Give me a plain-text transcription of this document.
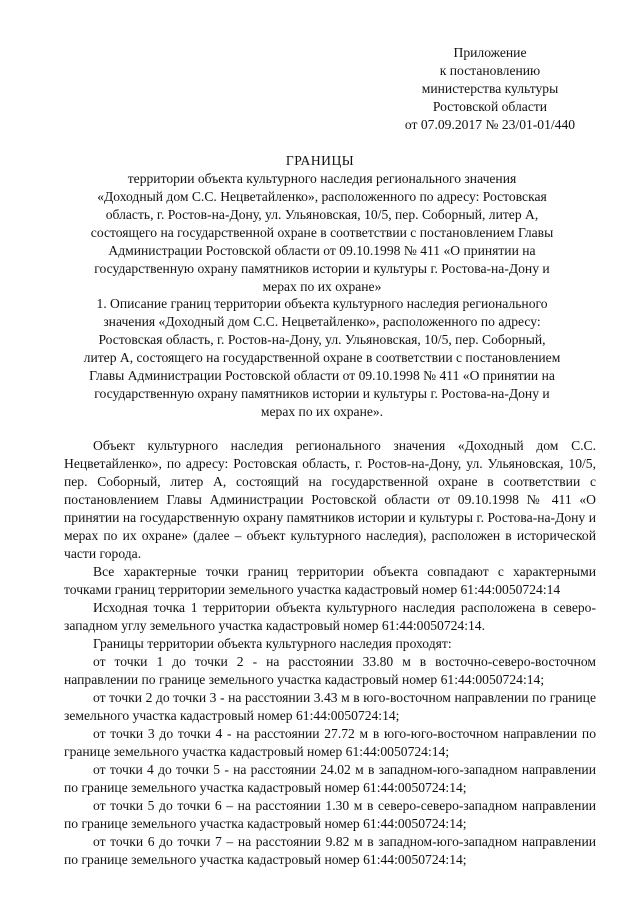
Приложение
к постановлению
министерства культуры
Ростовской области
от 07.09.2017 № 23/01-01/440
ГРАНИЦЫ
территории объекта культурного наследия регионального значения
«Доходный дом С.С. Нецветайленко», расположенного по адресу: Ростовская
область, г. Ростов-на-Дону, ул. Ульяновская, 10/5, пер. Соборный, литер А,
состоящего на государственной охране в соответствии с постановлением Главы
Администрации Ростовской области от 09.10.1998 № 411 «О принятии на
государственную охрану памятников истории и культуры г. Ростова-на-Дону и
мерах по их охране»
1. Описание границ территории объекта культурного наследия регионального
значения «Доходный дом С.С. Нецветайленко», расположенного по адресу:
Ростовская область, г. Ростов-на-Дону, ул. Ульяновская, 10/5, пер. Соборный,
литер А, состоящего на государственной охране в соответствии с постановлением
Главы Администрации Ростовской области от 09.10.1998 № 411 «О принятии на
государственную охрану памятников истории и культуры г. Ростова-на-Дону и
мерах по их охране».

Объект культурного наследия регионального значения «Доходный дом С.С. Нецветайленко», по адресу: Ростовская область, г. Ростов-на-Дону, ул. Ульяновская, 10/5, пер. Соборный, литер А, состоящий на государственной охране в соответствии с постановлением Главы Администрации Ростовской области от 09.10.1998 № 411 «О принятии на государственную охрану памятников истории и культуры г. Ростова-на-Дону и мерах по их охране» (далее – объект культурного наследия), расположен в исторической части города.

Все характерные точки границ территории объекта совпадают с характерными точками границ территории земельного участка кадастровый номер 61:44:0050724:14

Исходная точка 1 территории объекта культурного наследия расположена в северо-западном углу земельного участка кадастровый номер 61:44:0050724:14.

Границы территории объекта культурного наследия проходят:

от точки 1 до точки 2 - на расстоянии 33.80 м в восточно-северо-восточном направлении по границе земельного участка кадастровый номер 61:44:0050724:14;

от точки 2 до точки 3 - на расстоянии 3.43 м в юго-восточном направлении по границе земельного участка кадастровый номер 61:44:0050724:14;

от точки 3 до точки 4 - на расстоянии 27.72 м в юго-юго-восточном направлении по границе земельного участка кадастровый номер 61:44:0050724:14;

от точки 4 до точки 5 - на расстоянии 24.02 м в западном-юго-западном направлении по границе земельного участка кадастровый номер 61:44:0050724:14;

от точки 5 до точки 6 – на расстоянии 1.30 м в северо-северо-западном направлении по границе земельного участка кадастровый номер 61:44:0050724:14;

от точки 6 до точки 7 – на расстоянии 9.82 м в западном-юго-западном направлении по границе земельного участка кадастровый номер 61:44:0050724:14;
